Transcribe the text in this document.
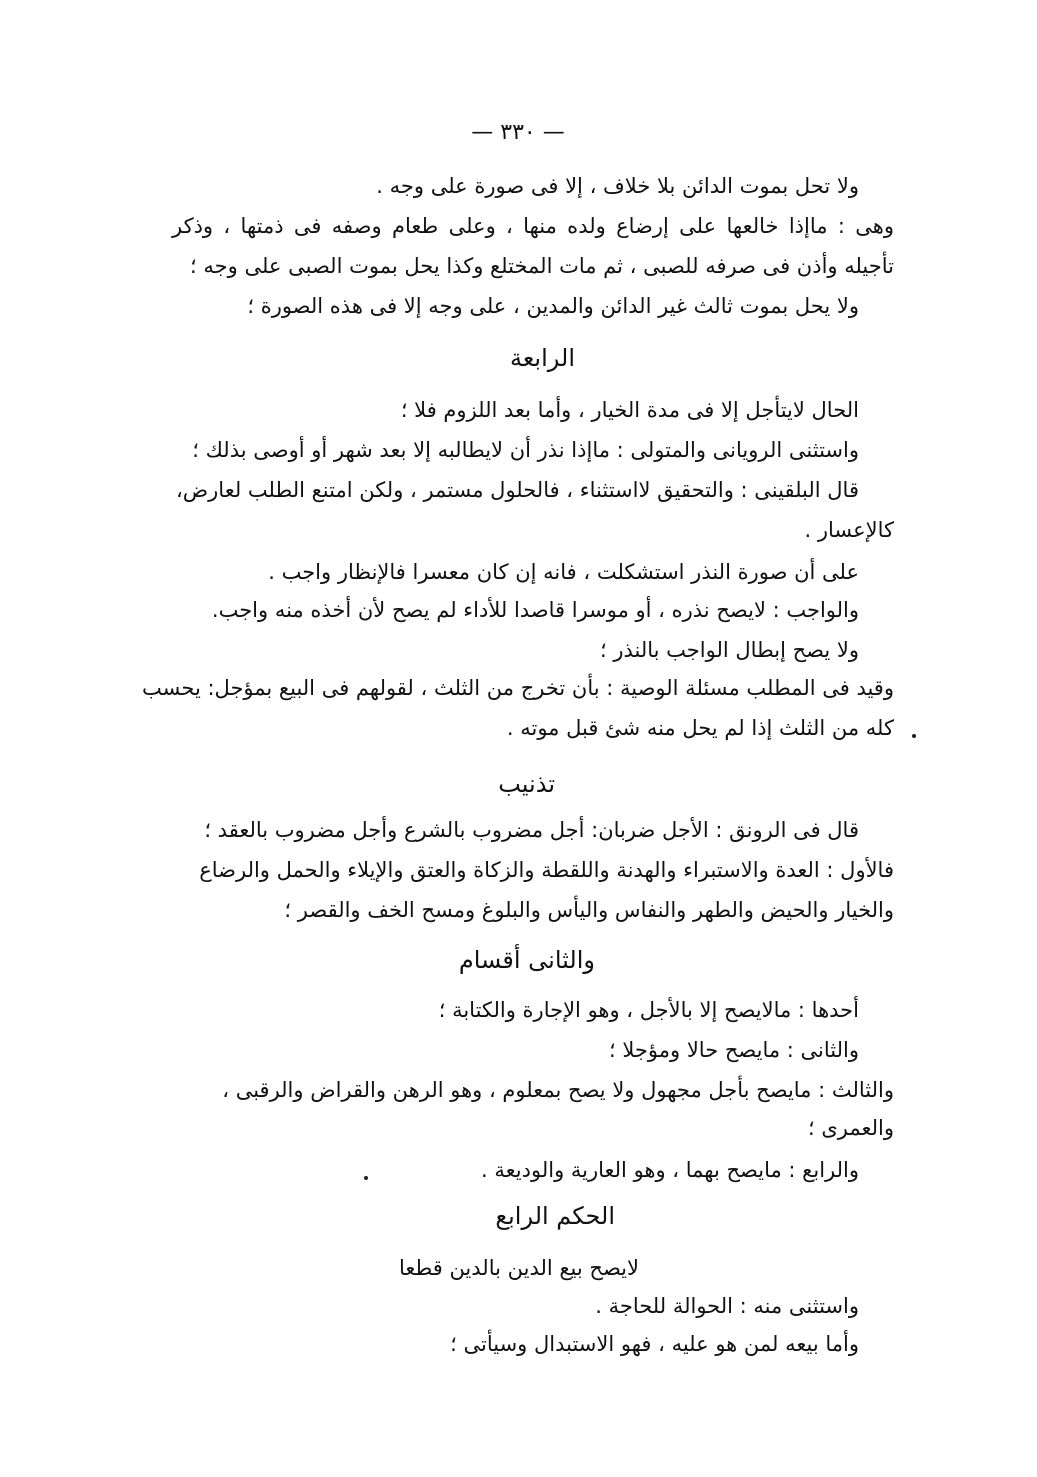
— ٣٣٠ —
ولا تحل بموت الدائن بلا خلاف ، إلا فى صورة على وجه .
وهى : ماإذا خالعها على إرضاع ولده منها ، وعلى طعام وصفه فى ذمتها ، وذكر
تأجيله وأذن فى صرفه للصبى ، ثم مات المختلع وكذا يحل بموت الصبى على وجه ؛
ولا يحل بموت ثالث غير الدائن والمدين ، على وجه إلا فى هذه الصورة ؛
الرابعة
الحال لايتأجل إلا فى مدة الخيار ، وأما بعد اللزوم فلا ؛
واستثنى الرويانى والمتولى : ماإذا نذر أن لايطالبه إلا بعد شهر أو أوصى بذلك ؛
قال البلقينى : والتحقيق لااستثناء ، فالحلول مستمر ، ولكن امتنع الطلب لعارض،
كالإعسار .
على أن صورة النذر استشكلت ، فانه إن كان معسرا فالإنظار واجب .
والواجب : لايصح نذره ، أو موسرا قاصدا للأداء لم يصح لأن أخذه منه واجب.
ولا يصح إبطال الواجب بالنذر ؛
وقيد فى المطلب مسئلة الوصية : بأن تخرج من الثلث ، لقولهم فى البيع بمؤجل: يحسب
كله من الثلث إذا لم يحل منه شئ قبل موته .
تذنيب
قال فى الرونق : الأجل ضربان: أجل مضروب بالشرع وأجل مضروب بالعقد ؛
فالأول : العدة والاستبراء والهدنة واللقطة والزكاة والعتق والإيلاء والحمل والرضاع
والخيار والحيض والطهر والنفاس واليأس والبلوغ ومسح الخف والقصر ؛
والثانى أقسام
أحدها : مالايصح إلا بالأجل ، وهو الإجارة والكتابة ؛
والثانى : مايصح حالا ومؤجلا ؛
والثالث : مايصح بأجل مجهول ولا يصح بمعلوم ، وهو الرهن والقراض والرقبى ،
والعمرى ؛
والرابع : مايصح بهما ، وهو العارية والوديعة .
الحكم الرابع
لايصح بيع الدين بالدين قطعا
واستثنى منه : الحوالة للحاجة .
وأما بيعه لمن هو عليه ، فهو الاستبدال وسيأتى ؛
